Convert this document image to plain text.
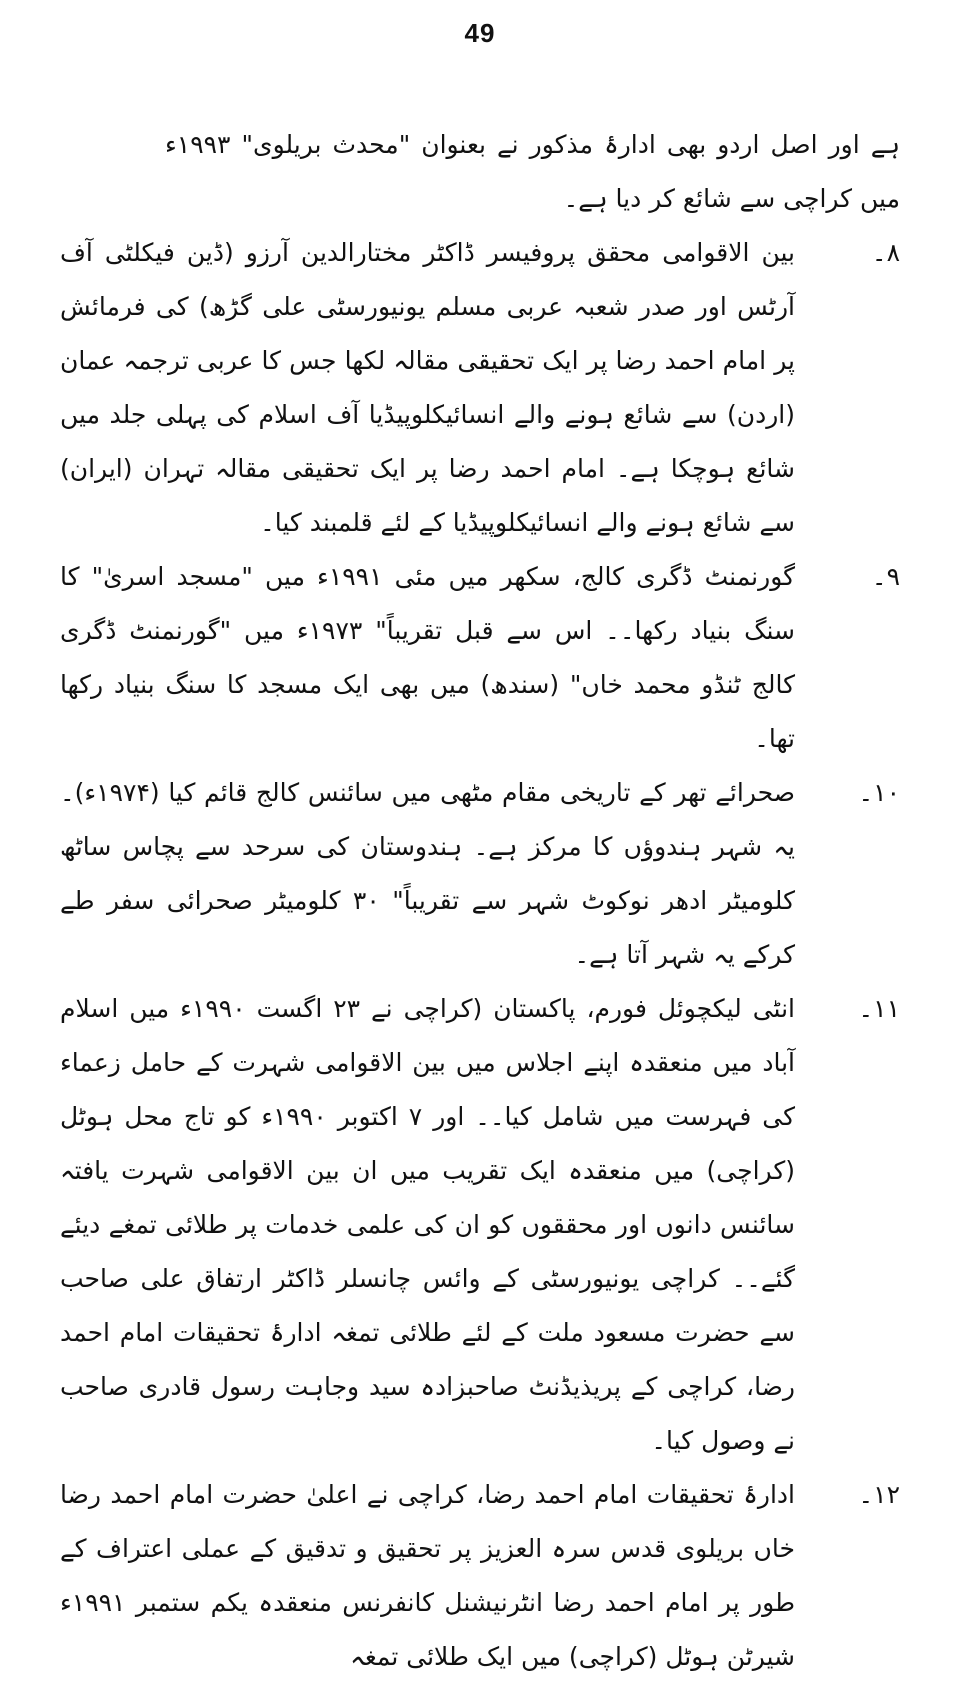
49

ہے اور اصل اردو بھی ادارۂ مذکور نے بعنوان "محدث بریلوی" ۱۹۹۳ء میں کراچی سے شائع کر دیا ہے۔

۸۔
بین الاقوامی محقق پروفیسر ڈاکٹر مختارالدین آرزو (ڈین فیکلٹی آف آرٹس اور صدر شعبہ عربی مسلم یونیورسٹی علی گڑھ) کی فرمائش پر امام احمد رضا پر ایک تحقیقی مقالہ لکھا جس کا عربی ترجمہ عمان (اردن) سے شائع ہونے والے انسائیکلوپیڈیا آف اسلام کی پہلی جلد میں شائع ہوچکا ہے۔ امام احمد رضا پر ایک تحقیقی مقالہ تہران (ایران) سے شائع ہونے والے انسائیکلوپیڈیا کے لئے قلمبند کیا۔
۹۔
گورنمنٹ ڈگری کالج، سکھر میں مئی ۱۹۹۱ء میں "مسجد اسریٰ" کا سنگ بنیاد رکھا۔۔ اس سے قبل تقریباً" ۱۹۷۳ء میں "گورنمنٹ ڈگری کالج ٹنڈو محمد خاں" (سندھ) میں بھی ایک مسجد کا سنگ بنیاد رکھا تھا۔
۱۰۔
صحرائے تھر کے تاریخی مقام مٹھی میں سائنس کالج قائم کیا (۱۹۷۴ء)۔ یہ شہر ہندوؤں کا مرکز ہے۔ ہندوستان کی سرحد سے پچاس ساٹھ کلومیٹر ادھر نوکوٹ شہر سے تقریباً" ۳۰ کلومیٹر صحرائی سفر طے کرکے یہ شہر آتا ہے۔
۱۱۔
انٹی لیکچوئل فورم، پاکستان (کراچی نے ۲۳ اگست ۱۹۹۰ء میں اسلام آباد میں منعقدہ اپنے اجلاس میں بین الاقوامی شہرت کے حامل زعماء کی فہرست میں شامل کیا۔۔ اور ۷ اکتوبر ۱۹۹۰ء کو تاج محل ہوٹل (کراچی) میں منعقدہ ایک تقریب میں ان بین الاقوامی شہرت یافتہ سائنس دانوں اور محققوں کو ان کی علمی خدمات پر طلائی تمغے دیئے گئے۔۔ کراچی یونیورسٹی کے وائس چانسلر ڈاکٹر ارتفاق علی صاحب سے حضرت مسعود ملت کے لئے طلائی تمغہ ادارۂ تحقیقات امام احمد رضا، کراچی کے پریذیڈنٹ صاحبزادہ سید وجاہت رسول قادری صاحب نے وصول کیا۔
۱۲۔
ادارۂ تحقیقات امام احمد رضا، کراچی نے اعلیٰ حضرت امام احمد رضا خاں بریلوی قدس سرہ العزیز پر تحقیق و تدقیق کے عملی اعتراف کے طور پر امام احمد رضا انٹرنیشنل کانفرنس منعقدہ یکم ستمبر ۱۹۹۱ء شیرٹن ہوٹل (کراچی) میں ایک طلائی تمغہ
